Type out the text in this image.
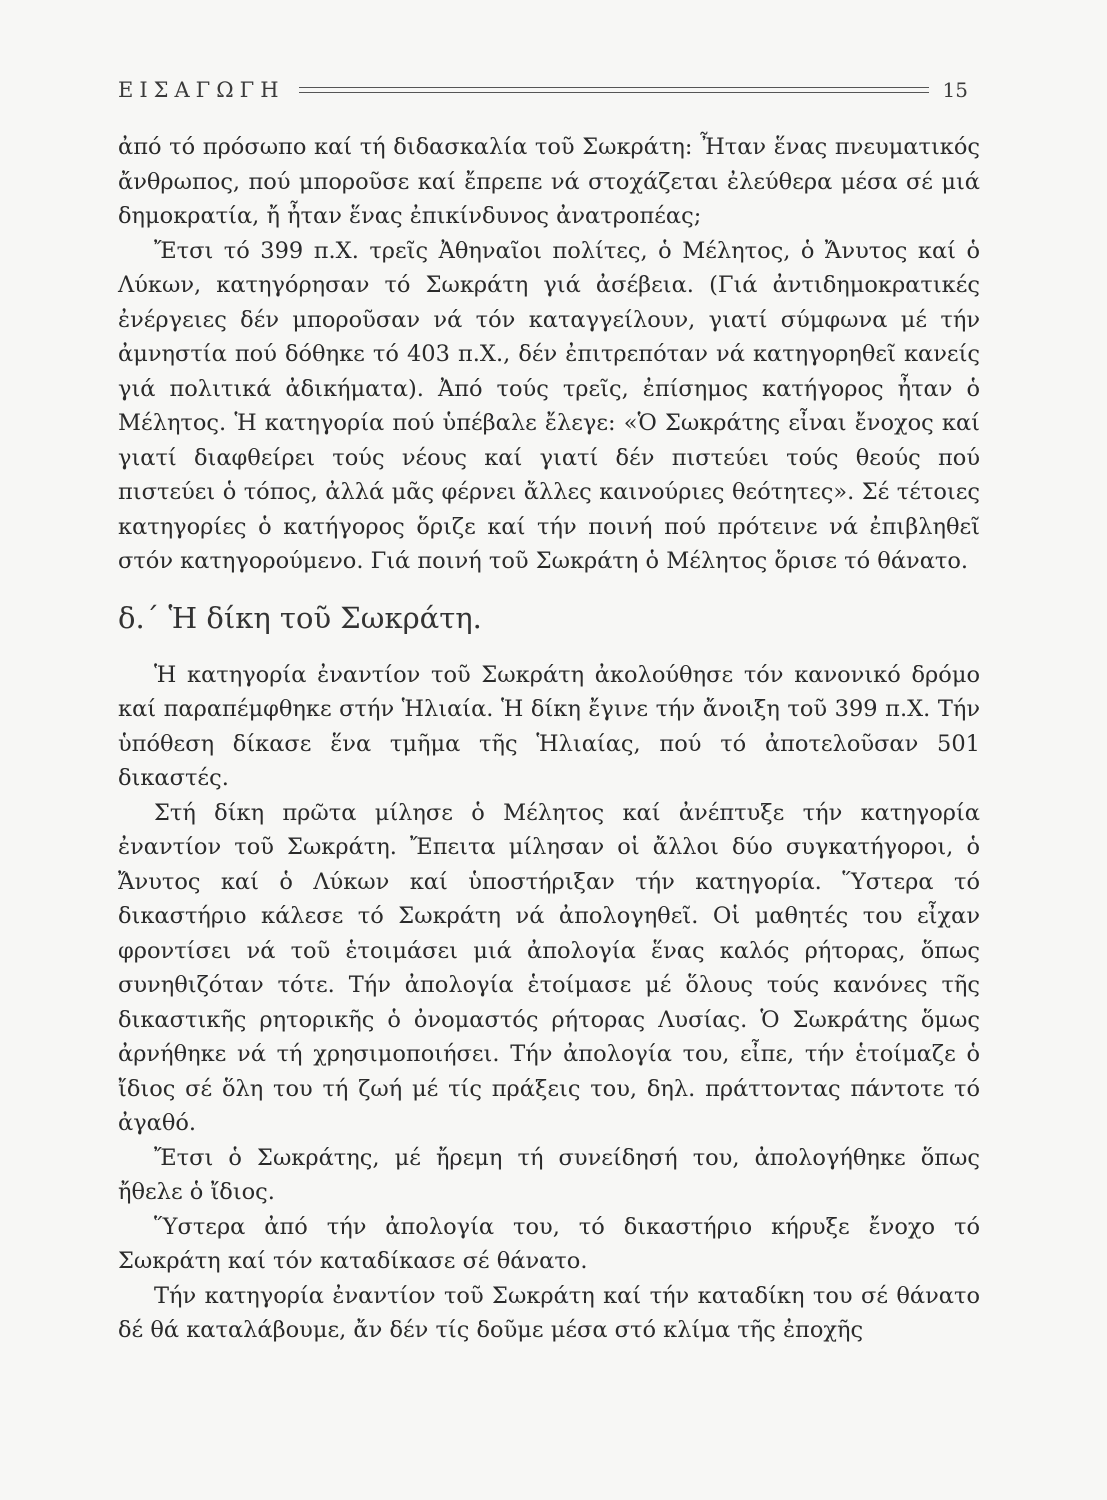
ΕΙΣΑΓΩΓΗ	15

ἀπό τό πρόσωπο καί τή διδασκαλία τοῦ Σωκράτη: Ἦταν ἕνας πνευματικός ἄνθρωπος, πού μποροῦσε καί ἔπρεπε νά στοχάζεται ἐλεύθερα μέσα σέ μιά δημοκρατία, ἤ ἦταν ἕνας ἐπικίνδυνος ἀνατροπέας;

Ἔτσι τό 399 π.Χ. τρεῖς Ἀθηναῖοι πολίτες, ὁ Μέλητος, ὁ Ἄνυτος καί ὁ Λύκων, κατηγόρησαν τό Σωκράτη γιά ἀσέβεια. (Γιά ἀντιδημοκρατικές ἐνέργειες δέν μποροῦσαν νά τόν καταγγείλουν, γιατί σύμφωνα μέ τήν ἀμνηστία πού δόθηκε τό 403 π.Χ., δέν ἐπιτρεπόταν νά κατηγορηθεῖ κανείς γιά πολιτικά ἀδικήματα). Ἀπό τούς τρεῖς, ἐπίσημος κατήγορος ἦταν ὁ Μέλητος. Ἡ κατηγορία πού ὑπέβαλε ἔλεγε: «Ὁ Σωκράτης εἶναι ἔνοχος καί γιατί διαφθείρει τούς νέους καί γιατί δέν πιστεύει τούς θεούς πού πιστεύει ὁ τόπος, ἀλλά μᾶς φέρνει ἄλλες καινούριες θεότητες». Σέ τέτοιες κατηγορίες ὁ κατήγορος ὅριζε καί τήν ποινή πού πρότεινε νά ἐπιβληθεῖ στόν κατηγορούμενο. Γιά ποινή τοῦ Σωκράτη ὁ Μέλητος ὅρισε τό θάνατο.

δ.΄ Ἡ δίκη τοῦ Σωκράτη.

Ἡ κατηγορία ἐναντίον τοῦ Σωκράτη ἀκολούθησε τόν κανονικό δρόμο καί παραπέμφθηκε στήν Ἡλιαία. Ἡ δίκη ἔγινε τήν ἄνοιξη τοῦ 399 π.Χ. Τήν ὑπόθεση δίκασε ἕνα τμῆμα τῆς Ἡλιαίας, πού τό ἀποτελοῦσαν 501 δικαστές.

Στή δίκη πρῶτα μίλησε ὁ Μέλητος καί ἀνέπτυξε τήν κατηγορία ἐναντίον τοῦ Σωκράτη. Ἔπειτα μίλησαν οἱ ἄλλοι δύο συγκατήγοροι, ὁ Ἄνυτος καί ὁ Λύκων καί ὑποστήριξαν τήν κατηγορία. Ὕστερα τό δικαστήριο κάλεσε τό Σωκράτη νά ἀπολογηθεῖ. Οἱ μαθητές του εἶχαν φροντίσει νά τοῦ ἑτοιμάσει μιά ἀπολογία ἕνας καλός ρήτορας, ὅπως συνηθιζόταν τότε. Τήν ἀπολογία ἑτοίμασε μέ ὅλους τούς κανόνες τῆς δικαστικῆς ρητορικῆς ὁ ὀνομαστός ρήτορας Λυσίας. Ὁ Σωκράτης ὅμως ἀρνήθηκε νά τή χρησιμοποιήσει. Τήν ἀπολογία του, εἶπε, τήν ἑτοίμαζε ὁ ἴδιος σέ ὅλη του τή ζωή μέ τίς πράξεις του, δηλ. πράττοντας πάντοτε τό ἀγαθό.

Ἔτσι ὁ Σωκράτης, μέ ἤρεμη τή συνείδησή του, ἀπολογήθηκε ὅπως ἤθελε ὁ ἴδιος.

Ὕστερα ἀπό τήν ἀπολογία του, τό δικαστήριο κήρυξε ἔνοχο τό Σωκράτη καί τόν καταδίκασε σέ θάνατο.

Τήν κατηγορία ἐναντίον τοῦ Σωκράτη καί τήν καταδίκη του σέ θάνατο δέ θά καταλάβουμε, ἄν δέν τίς δοῦμε μέσα στό κλίμα τῆς ἐποχῆς
